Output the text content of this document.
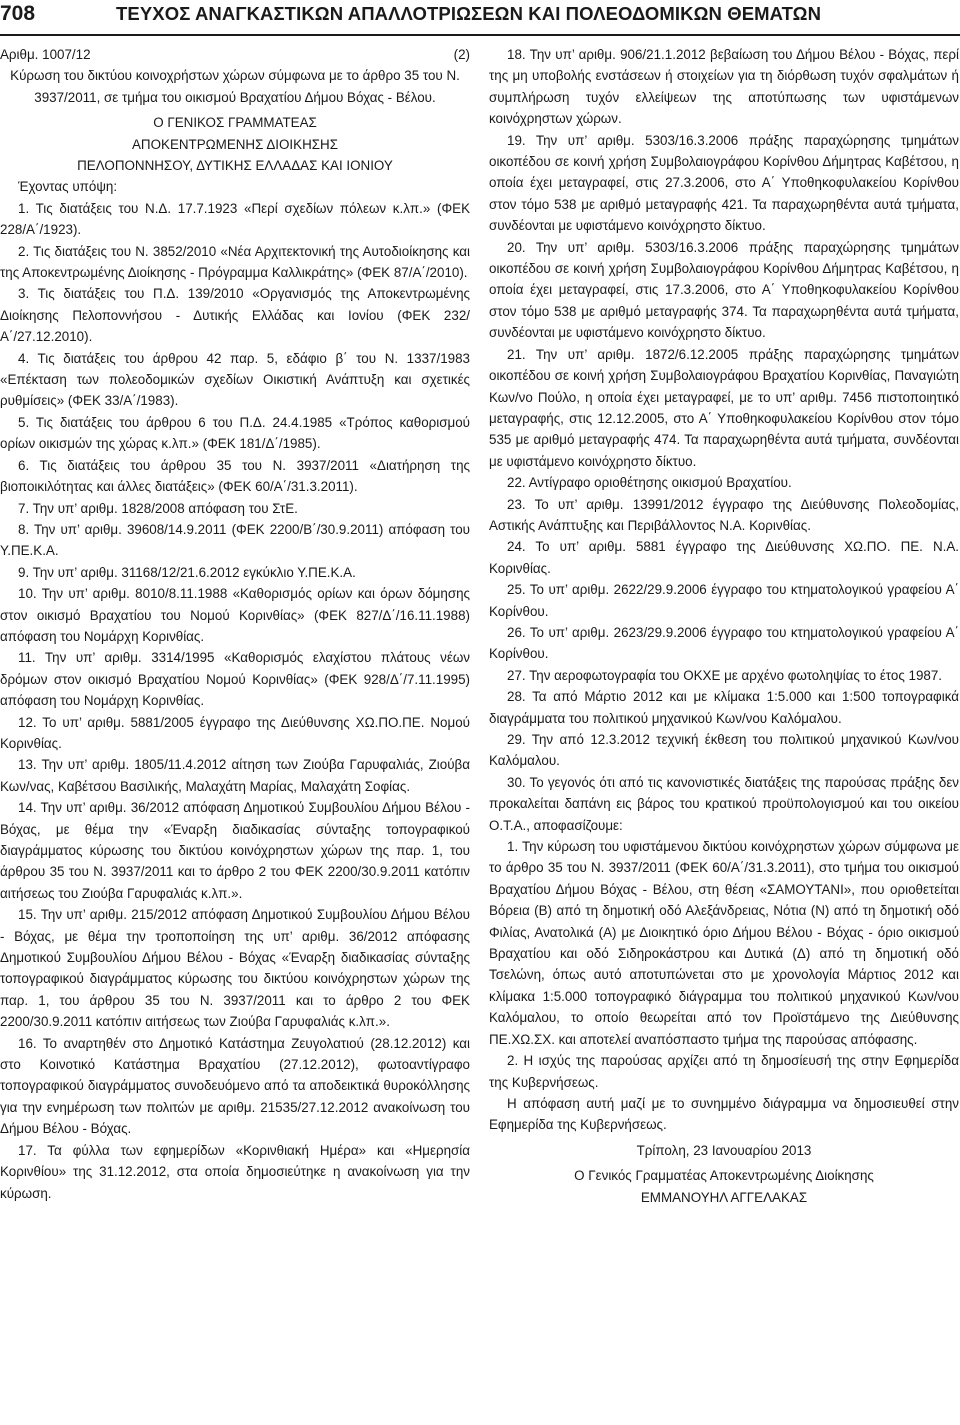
708	ΤΕΥΧΟΣ ΑΝΑΓΚΑΣΤΙΚΩΝ ΑΠΑΛΛΟΤΡΙΩΣΕΩΝ ΚΑΙ ΠΟΛΕΟΔΟΜΙΚΩΝ ΘΕΜΑΤΩΝ
Αριθμ. 1007/12	(2)

Κύρωση του δικτύου κοινοχρήστων χώρων σύμφωνα με το άρθρο 35 του Ν. 3937/2011, σε τμήμα του οικισμού Βραχατίου Δήμου Βόχας - Βέλου.

Ο ΓΕΝΙΚΟΣ ΓΡΑΜΜΑΤΕΑΣ

ΑΠΟΚΕΝΤΡΩΜΕΝΗΣ ΔΙΟΙΚΗΣΗΣ

ΠΕΛΟΠΟΝΝΗΣΟΥ, ΔΥΤΙΚΗΣ ΕΛΛΑΔΑΣ ΚΑΙ ΙΟΝΙΟΥ

Έχοντας υπόψη:

1. Τις διατάξεις του Ν.Δ. 17.7.1923 «Περί σχεδίων πόλεων κ.λπ.» (ΦΕΚ 228/Α΄/1923).

2. Τις διατάξεις του Ν. 3852/2010 «Νέα Αρχιτεκτονική της Αυτοδιοίκησης και της Αποκεντρωμένης Διοίκησης - Πρόγραμμα Καλλικράτης» (ΦΕΚ 87/Α΄/2010).

3. Τις διατάξεις του Π.Δ. 139/2010 «Οργανισμός της Αποκεντρωμένης Διοίκησης Πελοποννήσου - Δυτικής Ελλάδας και Ιονίου (ΦΕΚ 232/Α΄/27.12.2010).

4. Τις διατάξεις του άρθρου 42 παρ. 5, εδάφιο β΄ του Ν. 1337/1983 «Επέκταση των πολεοδομικών σχεδίων Οικιστική Ανάπτυξη και σχετικές ρυθμίσεις» (ΦΕΚ 33/Α΄/1983).

5. Τις διατάξεις του άρθρου 6 του Π.Δ. 24.4.1985 «Τρόπος καθορισμού ορίων οικισμών της χώρας κ.λπ.» (ΦΕΚ 181/Δ΄/1985).

6. Τις διατάξεις του άρθρου 35 του Ν. 3937/2011 «Διατήρηση της βιοποικιλότητας και άλλες διατάξεις» (ΦΕΚ 60/Α΄/31.3.2011).

7. Την υπ’ αριθμ. 1828/2008 απόφαση του ΣτΕ.

8. Την υπ’ αριθμ. 39608/14.9.2011 (ΦΕΚ 2200/Β΄/30.9.2011) απόφαση του Υ.ΠΕ.Κ.Α.

9. Την υπ’ αριθμ. 31168/12/21.6.2012 εγκύκλιο Υ.ΠΕ.Κ.Α.

10. Την υπ’ αριθμ. 8010/8.11.1988 «Καθορισμός ορίων και όρων δόμησης στον οικισμό Βραχατίου του Νομού Κορινθίας» (ΦΕΚ 827/Δ΄/16.11.1988) απόφαση του Νομάρχη Κορινθίας.

11. Την υπ’ αριθμ. 3314/1995 «Καθορισμός ελαχίστου πλάτους νέων δρόμων στον οικισμό Βραχατίου Νομού Κορινθίας» (ΦΕΚ 928/Δ΄/7.11.1995) απόφαση του Νομάρχη Κορινθίας.

12. Το υπ’ αριθμ. 5881/2005 έγγραφο της Διεύθυνσης ΧΩ.ΠΟ.ΠΕ. Νομού Κορινθίας.

13. Την υπ’ αριθμ. 1805/11.4.2012 αίτηση των Ζιούβα Γαρυφαλιάς, Ζιούβα Κων/νας, Καβέτσου Βασιλικής, Μαλαχάτη Μαρίας, Μαλαχάτη Σοφίας.

14. Την υπ’ αριθμ. 36/2012 απόφαση Δημοτικού Συμβουλίου Δήμου Βέλου - Βόχας, με θέμα την «Έναρξη διαδικασίας σύνταξης τοπογραφικού διαγράμματος κύρωσης του δικτύου κοινόχρηστων χώρων της παρ. 1, του άρθρου 35 του Ν. 3937/2011 και το άρθρο 2 του ΦΕΚ 2200/30.9.2011 κατόπιν αιτήσεως του Ζιούβα Γαρυφαλιάς κ.λπ.».

15. Την υπ’ αριθμ. 215/2012 απόφαση Δημοτικού Συμβουλίου Δήμου Βέλου - Βόχας, με θέμα την τροποποίηση της υπ’ αριθμ. 36/2012 απόφασης Δημοτικού Συμβουλίου Δήμου Βέλου - Βόχας «Έναρξη διαδικασίας σύνταξης τοπογραφικού διαγράμματος κύρωσης του δικτύου κοινόχρηστων χώρων της παρ. 1, του άρθρου 35 του Ν. 3937/2011 και το άρθρο 2 του ΦΕΚ 2200/30.9.2011 κατόπιν αιτήσεως των Ζιούβα Γαρυφαλιάς κ.λπ.».

16. Το αναρτηθέν στο Δημοτικό Κατάστημα Ζευγολατιού (28.12.2012) και στο Κοινοτικό Κατάστημα Βραχατίου (27.12.2012), φωτοαντίγραφο τοπογραφικού διαγράμματος συνοδευόμενο από τα αποδεικτικά θυροκόλλησης για την ενημέρωση των πολιτών με αριθμ. 21535/27.12.2012 ανακοίνωση του Δήμου Βέλου - Βόχας.

17. Τα φύλλα των εφημερίδων «Κορινθιακή Ημέρα» και «Ημερησία Κορινθίου» της 31.12.2012, στα οποία δημοσιεύτηκε η ανακοίνωση για την κύρωση.

18. Την υπ’ αριθμ. 906/21.1.2012 βεβαίωση του Δήμου Βέλου - Βόχας, περί της μη υποβολής ενστάσεων ή στοιχείων για τη διόρθωση τυχόν σφαλμάτων ή συμπλήρωση τυχόν ελλείψεων της αποτύπωσης των υφιστάμενων κοινόχρηστων χώρων.

19. Την υπ’ αριθμ. 5303/16.3.2006 πράξης παραχώρησης τμημάτων οικοπέδου σε κοινή χρήση Συμβολαιογράφου Κορίνθου Δήμητρας Καβέτσου, η οποία έχει μεταγραφεί, στις 27.3.2006, στο Α΄ Υποθηκοφυλακείου Κορίνθου στον τόμο 538 με αριθμό μεταγραφής 421. Τα παραχωρηθέντα αυτά τμήματα, συνδέονται με υφιστάμενο κοινόχρηστο δίκτυο.

20. Την υπ’ αριθμ. 5303/16.3.2006 πράξης παραχώρησης τμημάτων οικοπέδου σε κοινή χρήση Συμβολαιογράφου Κορίνθου Δήμητρας Καβέτσου, η οποία έχει μεταγραφεί, στις 17.3.2006, στο Α΄ Υποθηκοφυλακείου Κορίνθου στον τόμο 538 με αριθμό μεταγραφής 374. Τα παραχωρηθέντα αυτά τμήματα, συνδέονται με υφιστάμενο κοινόχρηστο δίκτυο.

21. Την υπ’ αριθμ. 1872/6.12.2005 πράξης παραχώρησης τμημάτων οικοπέδου σε κοινή χρήση Συμβολαιογράφου Βραχατίου Κορινθίας, Παναγιώτη Κων/νο Πούλο, η οποία έχει μεταγραφεί, με το υπ’ αριθμ. 7456 πιστοποιητικό μεταγραφής, στις 12.12.2005, στο Α΄ Υποθηκοφυλακείου Κορίνθου στον τόμο 535 με αριθμό μεταγραφής 474. Τα παραχωρηθέντα αυτά τμήματα, συνδέονται με υφιστάμενο κοινόχρηστο δίκτυο.

22. Αντίγραφο οριοθέτησης οικισμού Βραχατίου.

23. Το υπ’ αριθμ. 13991/2012 έγγραφο της Διεύθυνσης Πολεοδομίας, Αστικής Ανάπτυξης και Περιβάλλοντος Ν.Α. Κορινθίας.

24. Το υπ’ αριθμ. 5881 έγγραφο της Διεύθυνσης ΧΩ.ΠΟ. ΠΕ. Ν.Α. Κορινθίας.

25. Το υπ’ αριθμ. 2622/29.9.2006 έγγραφο του κτηματολογικού γραφείου Α΄ Κορίνθου.

26. Το υπ’ αριθμ. 2623/29.9.2006 έγγραφο του κτηματολογικού γραφείου Α΄ Κορίνθου.

27. Την αεροφωτογραφία του ΟΚΧΕ με αρχένο φωτοληψίας το έτος 1987.

28. Τα από Μάρτιο 2012 και με κλίμακα 1:5.000 και 1:500 τοπογραφικά διαγράμματα του πολιτικού μηχανικού Κων/νου Καλόμαλου.

29. Την από 12.3.2012 τεχνική έκθεση του πολιτικού μηχανικού Κων/νου Καλόμαλου.

30. Το γεγονός ότι από τις κανονιστικές διατάξεις της παρούσας πράξης δεν προκαλείται δαπάνη εις βάρος του κρατικού προϋπολογισμού και του οικείου Ο.Τ.Α., αποφασίζουμε:

1. Την κύρωση του υφιστάμενου δικτύου κοινόχρηστων χώρων σύμφωνα με το άρθρο 35 του Ν. 3937/2011 (ΦΕΚ 60/Α΄/31.3.2011), στο τμήμα του οικισμού Βραχατίου Δήμου Βόχας - Βέλου, στη θέση «ΣΑΜΟΥΤΑΝΙ», που οριοθετείται Βόρεια (Β) από τη δημοτική οδό Αλεξάνδρειας, Νότια (Ν) από τη δημοτική οδό Φιλίας, Ανατολικά (Α) με Διοικητικό όριο Δήμου Βέλου - Βόχας - όριο οικισμού Βραχατίου και οδό Σιδηροκάστρου και Δυτικά (Δ) από τη δημοτική οδό Τσελώνη, όπως αυτό αποτυπώνεται στο με χρονολογία Μάρτιος 2012 και κλίμακα 1:5.000 τοπογραφικό διάγραμμα του πολιτικού μηχανικού Κων/νου Καλόμαλου, το οποίο θεωρείται από τον Προϊστάμενο της Διεύθυνσης ΠΕ.ΧΩ.ΣΧ. και αποτελεί αναπόσπαστο τμήμα της παρούσας απόφασης.

2. Η ισχύς της παρούσας αρχίζει από τη δημοσίευσή της στην Εφημερίδα της Κυβερνήσεως.

Η απόφαση αυτή μαζί με το συνημμένο διάγραμμα να δημοσιευθεί στην Εφημερίδα της Κυβερνήσεως.

Τρίπολη, 23 Ιανουαρίου 2013

Ο Γενικός Γραμματέας Αποκεντρωμένης Διοίκησης

ΕΜΜΑΝΟΥΗΛ ΑΓΓΕΛΑΚΑΣ
